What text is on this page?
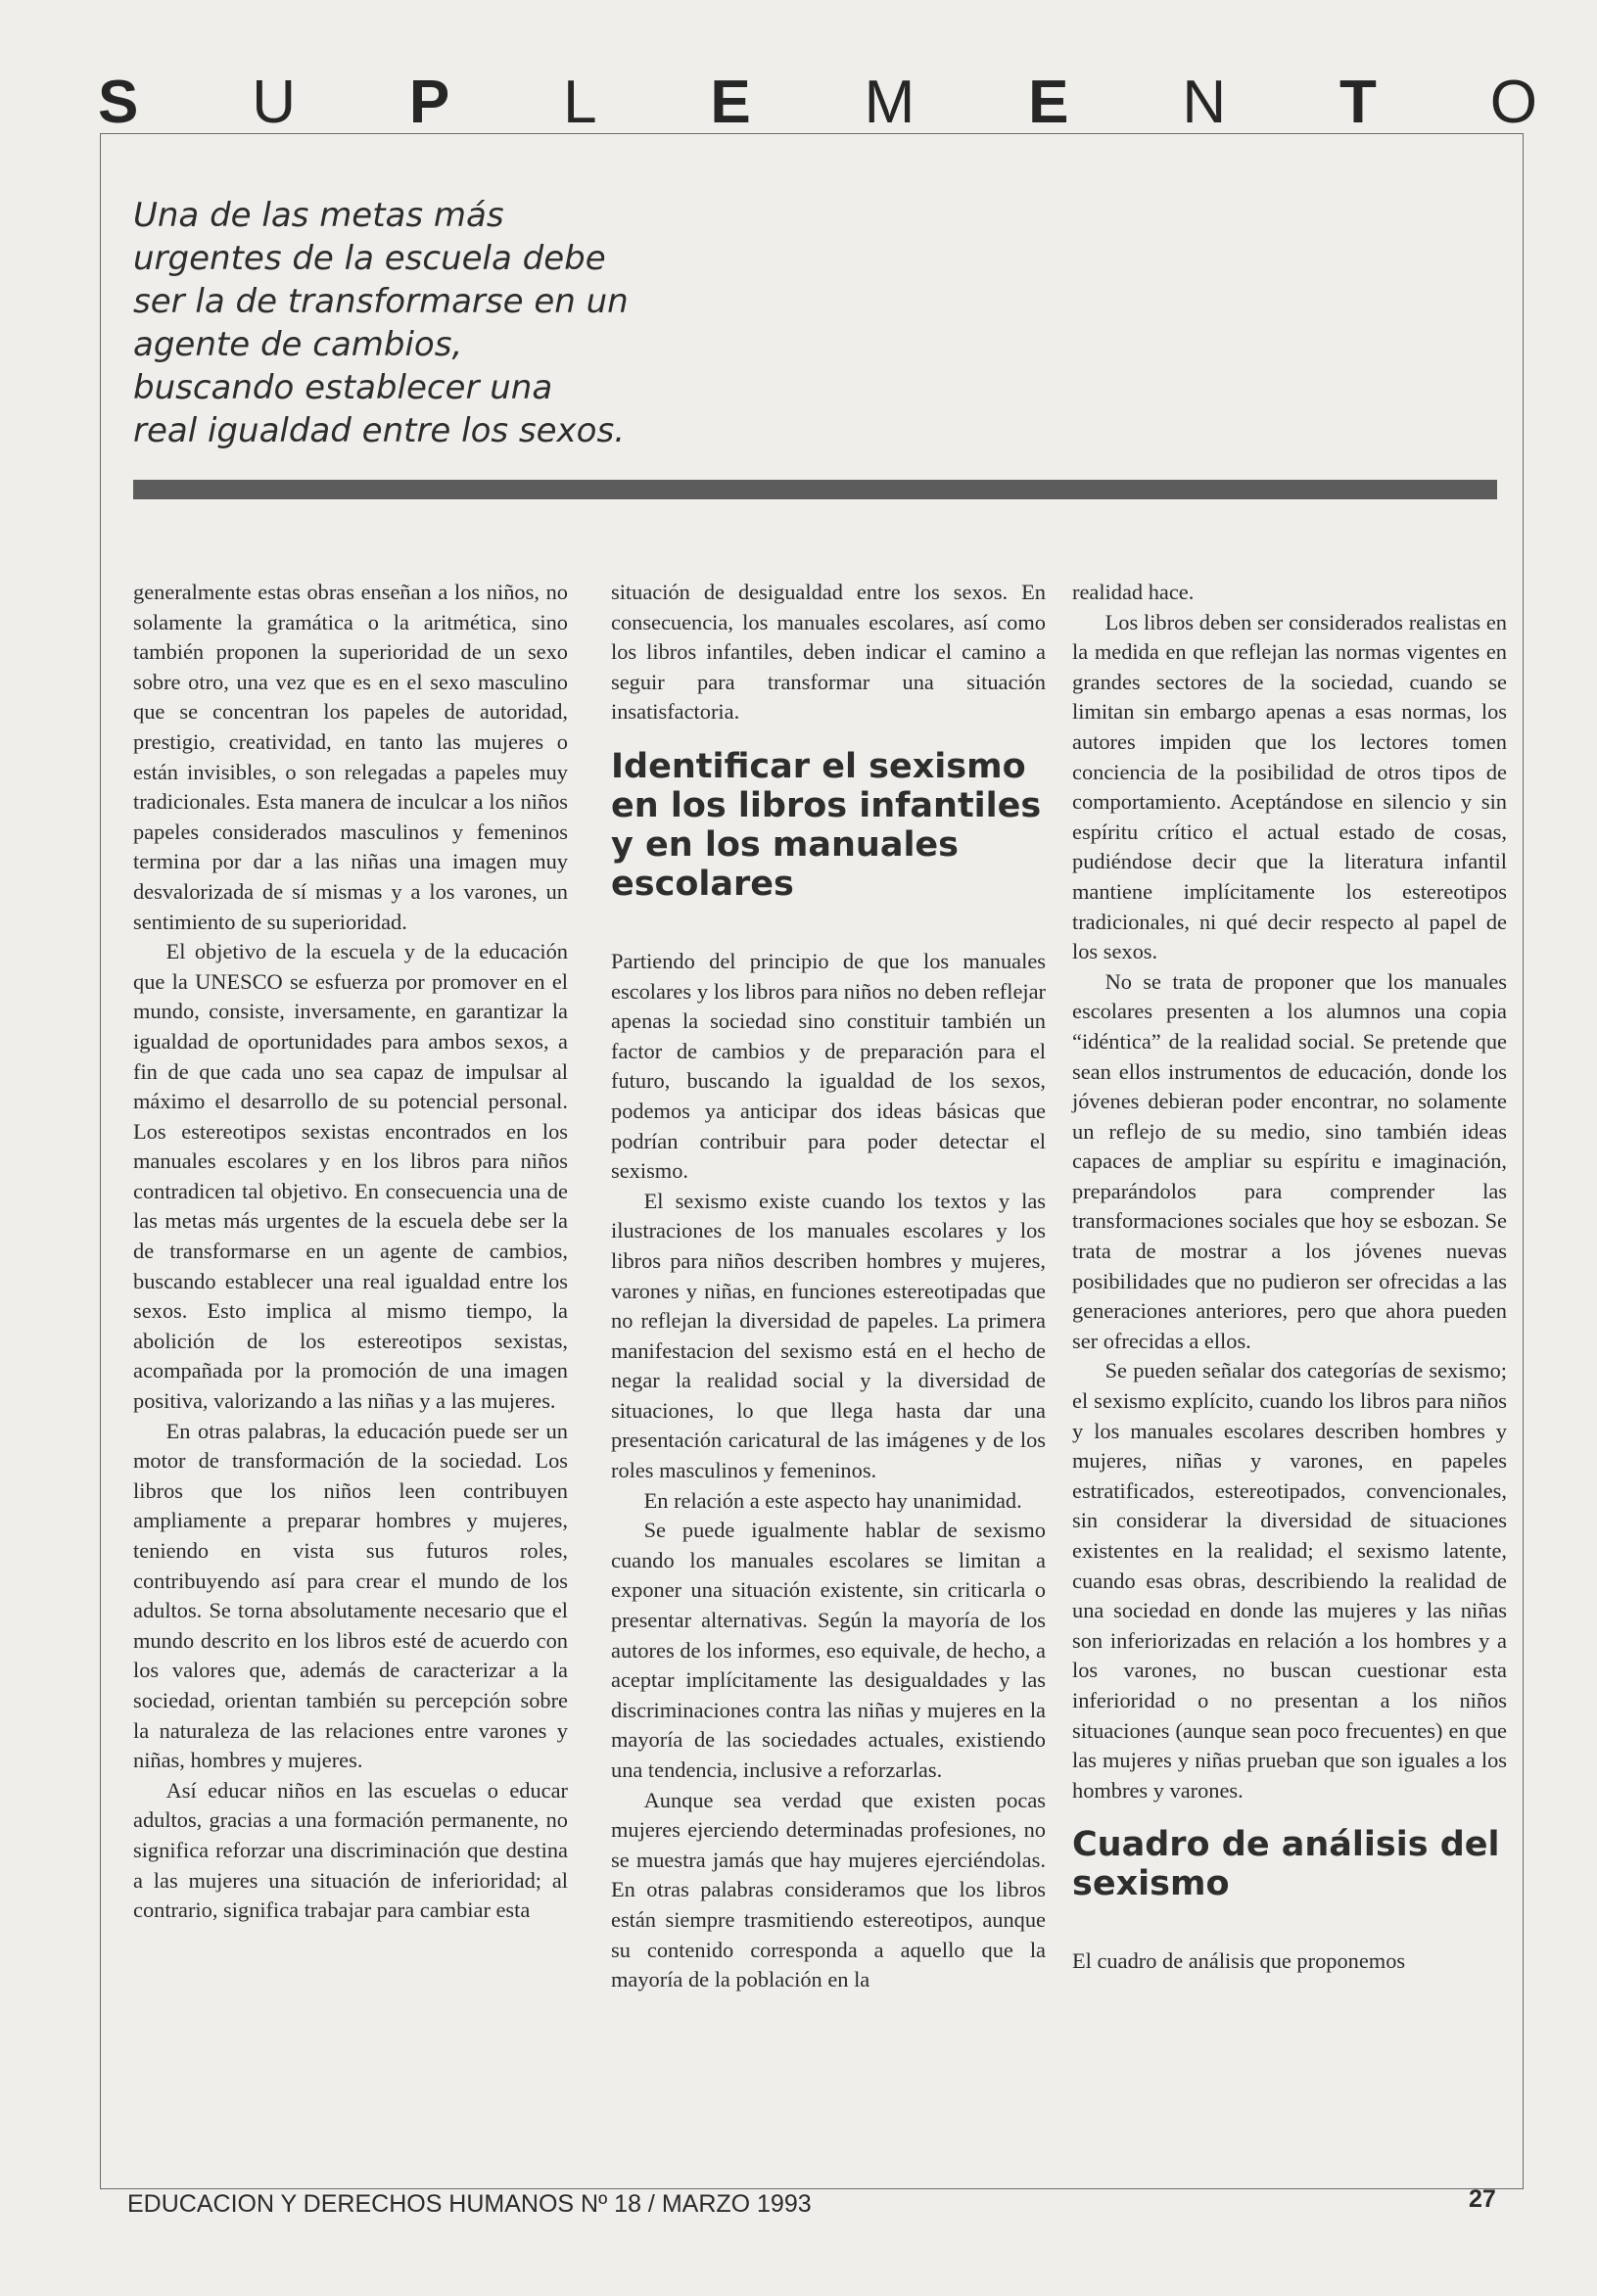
S U P L E M E N T O
Una de las metas más
urgentes de la escuela debe
ser la de transformarse en un
agente de cambios,
buscando establecer una
real igualdad entre los sexos.

generalmente estas obras enseñan a los niños, no solamente la gramática o la aritmética, sino también proponen la superioridad de un sexo sobre otro, una vez que es en el sexo masculino que se concentran los papeles de autoridad, prestigio, creatividad, en tanto las mujeres o están invisibles, o son relegadas a papeles muy tradicionales. Esta manera de inculcar a los niños papeles considerados masculinos y femeninos termina por dar a las niñas una imagen muy desvalorizada de sí mismas y a los varones, un sentimiento de su superioridad.

El objetivo de la escuela y de la educación que la UNESCO se esfuerza por promover en el mundo, consiste, inversamente, en garantizar la igualdad de oportunidades para ambos sexos, a fin de que cada uno sea capaz de impulsar al máximo el desarrollo de su potencial personal. Los estereotipos sexistas encontrados en los manuales escolares y en los libros para niños contradicen tal objetivo. En consecuencia una de las metas más urgentes de la escuela debe ser la de transformarse en un agente de cambios, buscando establecer una real igualdad entre los sexos. Esto implica al mismo tiempo, la abolición de los estereotipos sexistas, acompañada por la promoción de una imagen positiva, valorizando a las niñas y a las mujeres.

En otras palabras, la educación puede ser un motor de transformación de la sociedad. Los libros que los niños leen contribuyen ampliamente a preparar hombres y mujeres, teniendo en vista sus futuros roles, contribuyendo así para crear el mundo de los adultos. Se torna absolutamente necesario que el mundo descrito en los libros esté de acuerdo con los valores que, además de caracterizar a la sociedad, orientan también su percepción sobre la naturaleza de las relaciones entre varones y niñas, hombres y mujeres.

Así educar niños en las escuelas o educar adultos, gracias a una formación permanente, no significa reforzar una discriminación que destina a las mujeres una situación de inferioridad; al contrario, significa trabajar para cambiar esta

situación de desigualdad entre los sexos. En consecuencia, los manuales escolares, así como los libros infantiles, deben indicar el camino a seguir para transformar una situación insatisfactoria.

Identificar el sexismo en los libros infantiles y en los manuales escolares

Partiendo del principio de que los manuales escolares y los libros para niños no deben reflejar apenas la sociedad sino constituir también un factor de cambios y de preparación para el futuro, buscando la igualdad de los sexos, podemos ya anticipar dos ideas básicas que podrían contribuir para poder detectar el sexismo.

El sexismo existe cuando los textos y las ilustraciones de los manuales escolares y los libros para niños describen hombres y mujeres, varones y niñas, en funciones estereotipadas que no reflejan la diversidad de papeles. La primera manifestacion del sexismo está en el hecho de negar la realidad social y la diversidad de situaciones, lo que llega hasta dar una presentación caricatural de las imágenes y de los roles masculinos y femeninos.

En relación a este aspecto hay unanimidad.

Se puede igualmente hablar de sexismo cuando los manuales escolares se limitan a exponer una situación existente, sin criticarla o presentar alternativas. Según la mayoría de los autores de los informes, eso equivale, de hecho, a aceptar implícitamente las desigualdades y las discriminaciones contra las niñas y mujeres en la mayoría de las sociedades actuales, existiendo una tendencia, inclusive a reforzarlas.

Aunque sea verdad que existen pocas mujeres ejerciendo determinadas profesiones, no se muestra jamás que hay mujeres ejerciéndolas. En otras palabras consideramos que los libros están siempre trasmitiendo estereotipos, aunque su contenido corresponda a aquello que la mayoría de la población en la

realidad hace.

Los libros deben ser considerados realistas en la medida en que reflejan las normas vigentes en grandes sectores de la sociedad, cuando se limitan sin embargo apenas a esas normas, los autores impiden que los lectores tomen conciencia de la posibilidad de otros tipos de comportamiento. Aceptándose en silencio y sin espíritu crítico el actual estado de cosas, pudiéndose decir que la literatura infantil mantiene implícitamente los estereotipos tradicionales, ni qué decir respecto al papel de los sexos.

No se trata de proponer que los manuales escolares presenten a los alumnos una copia “idéntica” de la realidad social. Se pretende que sean ellos instrumentos de educación, donde los jóvenes debieran poder encontrar, no solamente un reflejo de su medio, sino también ideas capaces de ampliar su espíritu e imaginación, preparándolos para comprender las transformaciones sociales que hoy se esbozan. Se trata de mostrar a los jóvenes nuevas posibilidades que no pudieron ser ofrecidas a las generaciones anteriores, pero que ahora pueden ser ofrecidas a ellos.

Se pueden señalar dos categorías de sexismo; el sexismo explícito, cuando los libros para niños y los manuales escolares describen hombres y mujeres, niñas y varones, en papeles estratificados, estereotipados, convencionales, sin considerar la diversidad de situaciones existentes en la realidad; el sexismo latente, cuando esas obras, describiendo la realidad de una sociedad en donde las mujeres y las niñas son inferiorizadas en relación a los hombres y a los varones, no buscan cuestionar esta inferioridad o no presentan a los niños situaciones (aunque sean poco frecuentes) en que las mujeres y niñas prueban que son iguales a los hombres y varones.

Cuadro de análisis del sexismo

El cuadro de análisis que proponemos

EDUCACION Y DERECHOS HUMANOS Nº 18 / MARZO 1993	27
